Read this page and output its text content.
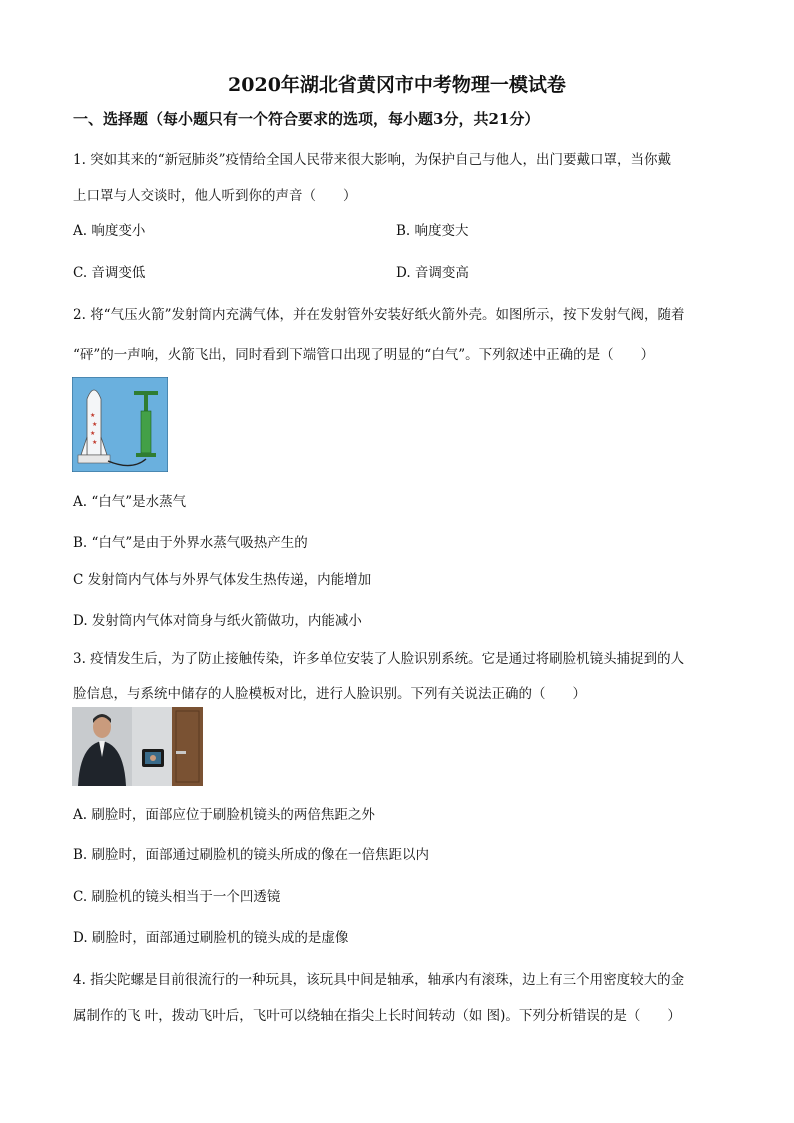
2020年湖北省黄冈市中考物理一模试卷
一、选择题（每小题只有一个符合要求的选项，每小题3分，共21分）
1. 突如其来的“新冠肺炎”疫情给全国人民带来很大影响，为保护自己与他人，出门要戴口罩，当你戴
上口罩与人交谈时，他人听到你的声音（　　）
A. 响度变小	B. 响度变大
C. 音调变低	D. 音调变高
2. 将“气压火箭”发射筒内充满气体，并在发射管外安装好纸火箭外壳。如图所示，按下发射气阀，随着
“砰”的一声响，火箭飞出，同时看到下端管口出现了明显的“白气”。下列叙述中正确的是（　　）
★
★
★
★
A. “白气”是水蒸气
B. “白气”是由于外界水蒸气吸热产生的
C 发射筒内气体与外界气体发生热传递，内能增加
D. 发射筒内气体对筒身与纸火箭做功，内能减小
3. 疫情发生后，为了防止接触传染，许多单位安装了人脸识别系统。它是通过将刷脸机镜头捕捉到的人
脸信息，与系统中储存的人脸模板对比，进行人脸识别。下列有关说法正确的（　　）
A. 刷脸时，面部应位于刷脸机镜头的两倍焦距之外
B. 刷脸时，面部通过刷脸机的镜头所成的像在一倍焦距以内
C. 刷脸机的镜头相当于一个凹透镜
D. 刷脸时，面部通过刷脸机的镜头成的是虚像
4. 指尖陀螺是目前很流行的一种玩具，该玩具中间是轴承，轴承内有滚珠，边上有三个用密度较大的金
属制作的飞 叶，拨动飞叶后，飞叶可以绕轴在指尖上长时间转动（如 图)。下列分析错误的是（　　）
